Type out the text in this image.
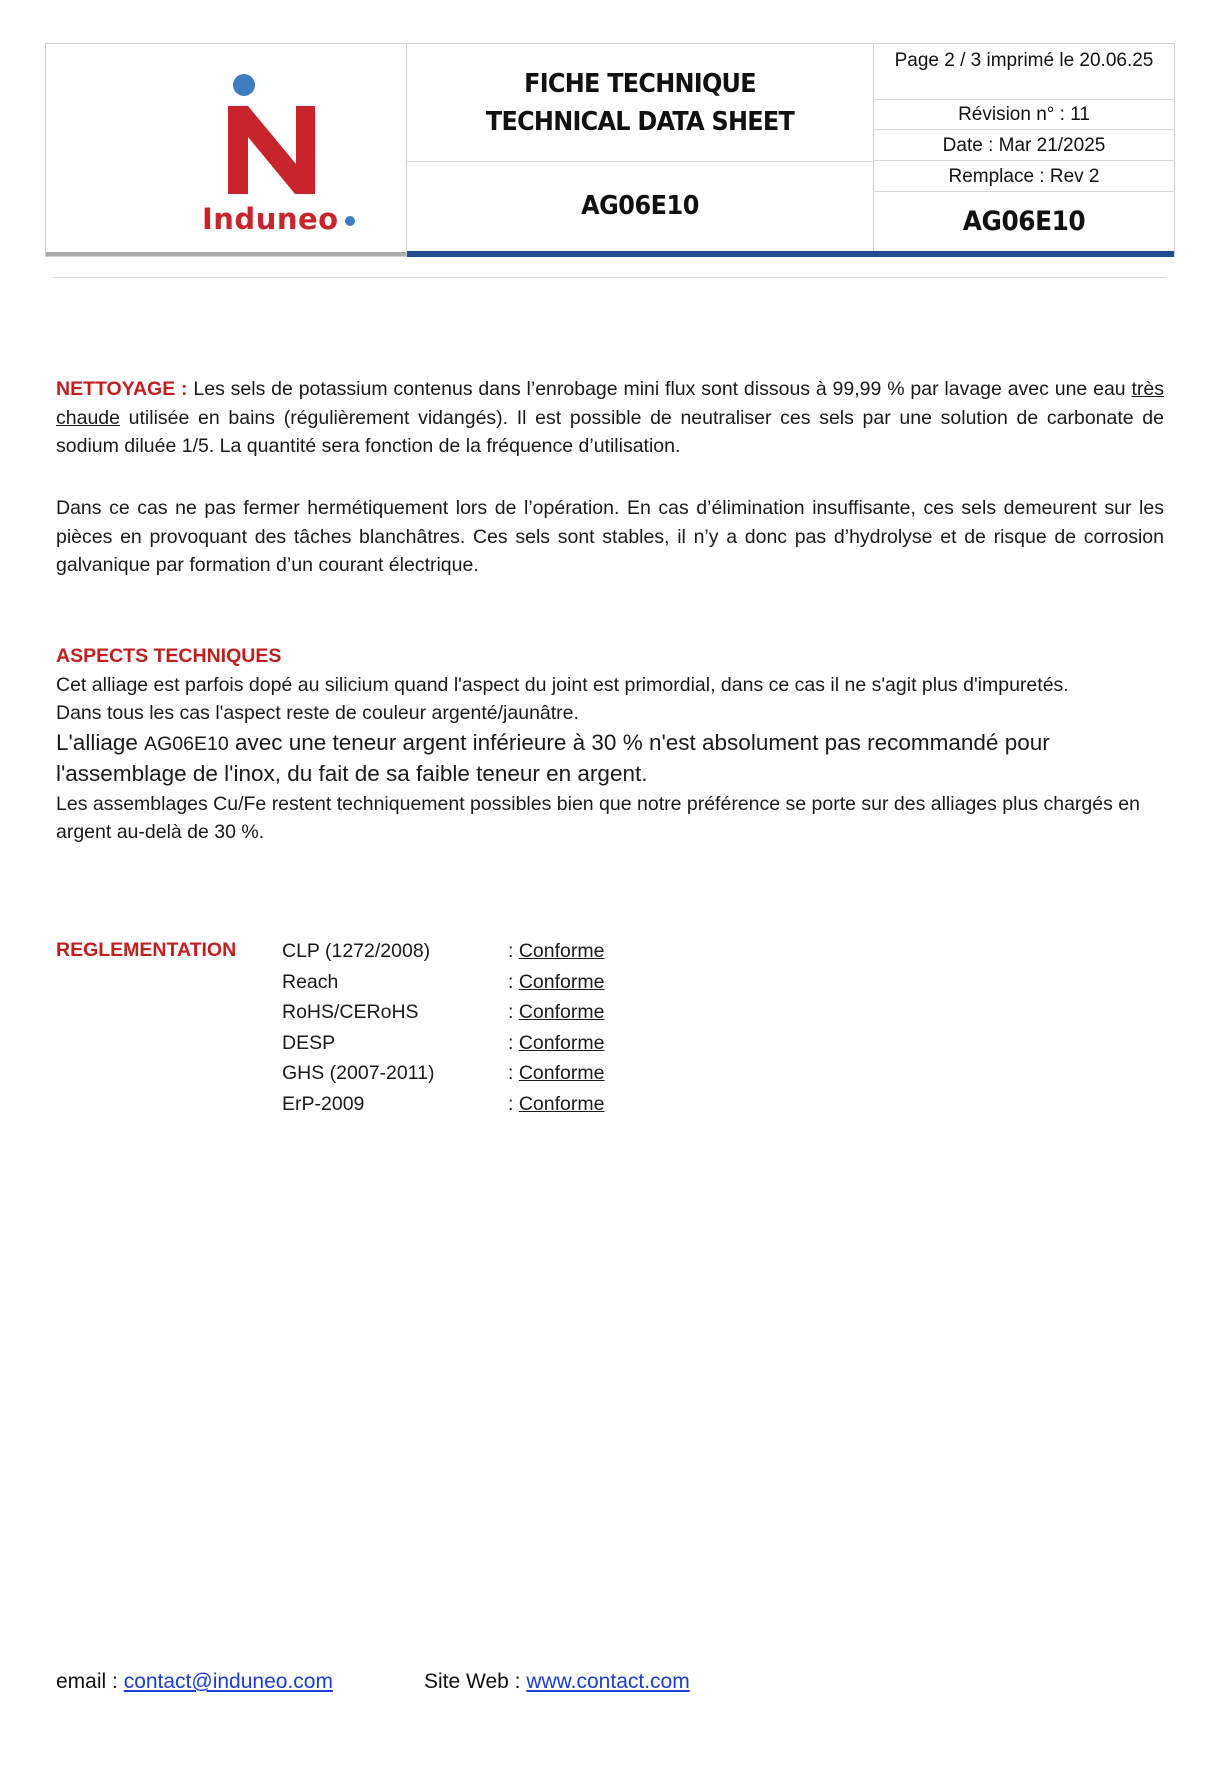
Induneo
FICHE TECHNIQUE
TECHNICAL DATA SHEET
AG06E10
Page 2 / 3 imprimé le 20.06.25
Révision n° : 11
Date : Mar 21/2025
Remplace : Rev 2
AG06E10
NETTOYAGE : Les sels de potassium contenus dans l’enrobage mini flux sont dissous à 99,99 % par lavage avec une eau très chaude utilisée en bains (régulièrement vidangés). Il est possible de neutraliser ces sels par une solution de carbonate de sodium diluée 1/5. La quantité sera fonction de la fréquence d’utilisation.
Dans ce cas ne pas fermer hermétiquement lors de l’opération. En cas d’élimination insuffisante, ces sels demeurent sur les pièces en provoquant des tâches blanchâtres. Ces sels sont stables, il n’y a donc pas d’hydrolyse et de risque de corrosion galvanique par formation d’un courant électrique.
ASPECTS TECHNIQUES
Cet alliage est parfois dopé au silicium quand l'aspect du joint est primordial, dans ce cas il ne s'agit plus d'impuretés.
Dans tous les cas l'aspect reste de couleur argenté/jaunâtre.
L'alliage AG06E10 avec une teneur argent inférieure à 30 % n'est absolument pas recommandé pour l'assemblage de l'inox, du fait de sa faible teneur en argent.
Les assemblages Cu/Fe restent techniquement possibles bien que notre préférence se porte sur des alliages plus chargés en argent au-delà de 30 %.
REGLEMENTATION CLP (1272/2008)	: Conforme
Reach	: Conforme
RoHS/CERoHS	: Conforme
DESP	: Conforme
GHS (2007-2011)	: Conforme
ErP-2009	: Conforme
email : contact@induneo.com	Site Web : www.contact.com
